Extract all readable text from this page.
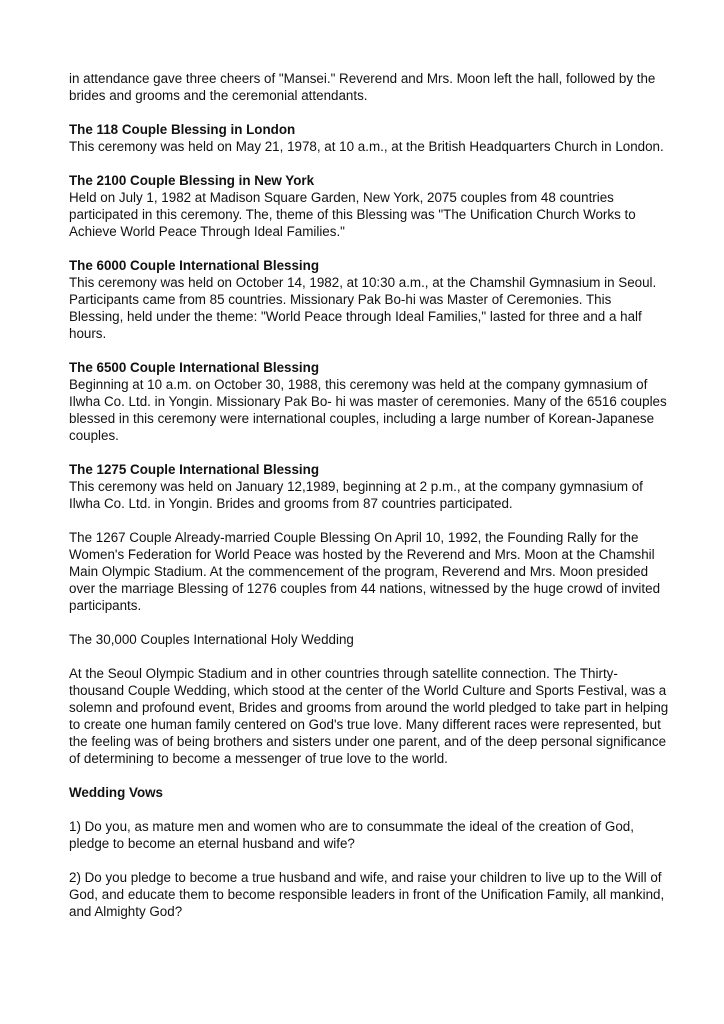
in attendance gave three cheers of "Mansei." Reverend and Mrs. Moon left the hall, followed by the brides and grooms and the ceremonial attendants.

The 118 Couple Blessing in London

This ceremony was held on May 21, 1978, at 10 a.m., at the British Headquarters Church in London.

The 2100 Couple Blessing in New York

Held on July 1, 1982 at Madison Square Garden, New York, 2075 couples from 48 countries participated in this ceremony. The, theme of this Blessing was "The Unification Church Works to Achieve World Peace Through Ideal Families."

The 6000 Couple International Blessing

This ceremony was held on October 14, 1982, at 10:30 a.m., at the Chamshil Gymnasium in Seoul. Participants came from 85 countries. Missionary Pak Bo-hi was Master of Ceremonies. This Blessing, held under the theme: "World Peace through Ideal Families," lasted for three and a half hours.

The 6500 Couple International Blessing

Beginning at 10 a.m. on October 30, 1988, this ceremony was held at the company gymnasium of Ilwha Co. Ltd. in Yongin. Missionary Pak Bo- hi was master of ceremonies. Many of the 6516 couples blessed in this ceremony were international couples, including a large number of Korean-Japanese couples.

The 1275 Couple International Blessing

This ceremony was held on January 12,1989, beginning at 2 p.m., at the company gymnasium of Ilwha Co. Ltd. in Yongin. Brides and grooms from 87 countries participated.

The 1267 Couple Already-married Couple Blessing On April 10, 1992, the Founding Rally for the Women's Federation for World Peace was hosted by the Reverend and Mrs. Moon at the Chamshil Main Olympic Stadium. At the commencement of the program, Reverend and Mrs. Moon presided over the marriage Blessing of 1276 couples from 44 nations, witnessed by the huge crowd of invited participants.

The 30,000 Couples International Holy Wedding

At the Seoul Olympic Stadium and in other countries through satellite connection. The Thirty-thousand Couple Wedding, which stood at the center of the World Culture and Sports Festival, was a solemn and profound event, Brides and grooms from around the world pledged to take part in helping to create one human family centered on God's true love. Many different races were represented, but the feeling was of being brothers and sisters under one parent, and of the deep personal significance of determining to become a messenger of true love to the world.

Wedding Vows

1) Do you, as mature men and women who are to consummate the ideal of the creation of God, pledge to become an eternal husband and wife?

2) Do you pledge to become a true husband and wife, and raise your children to live up to the Will of God, and educate them to become responsible leaders in front of the Unification Family, all mankind, and Almighty God?
